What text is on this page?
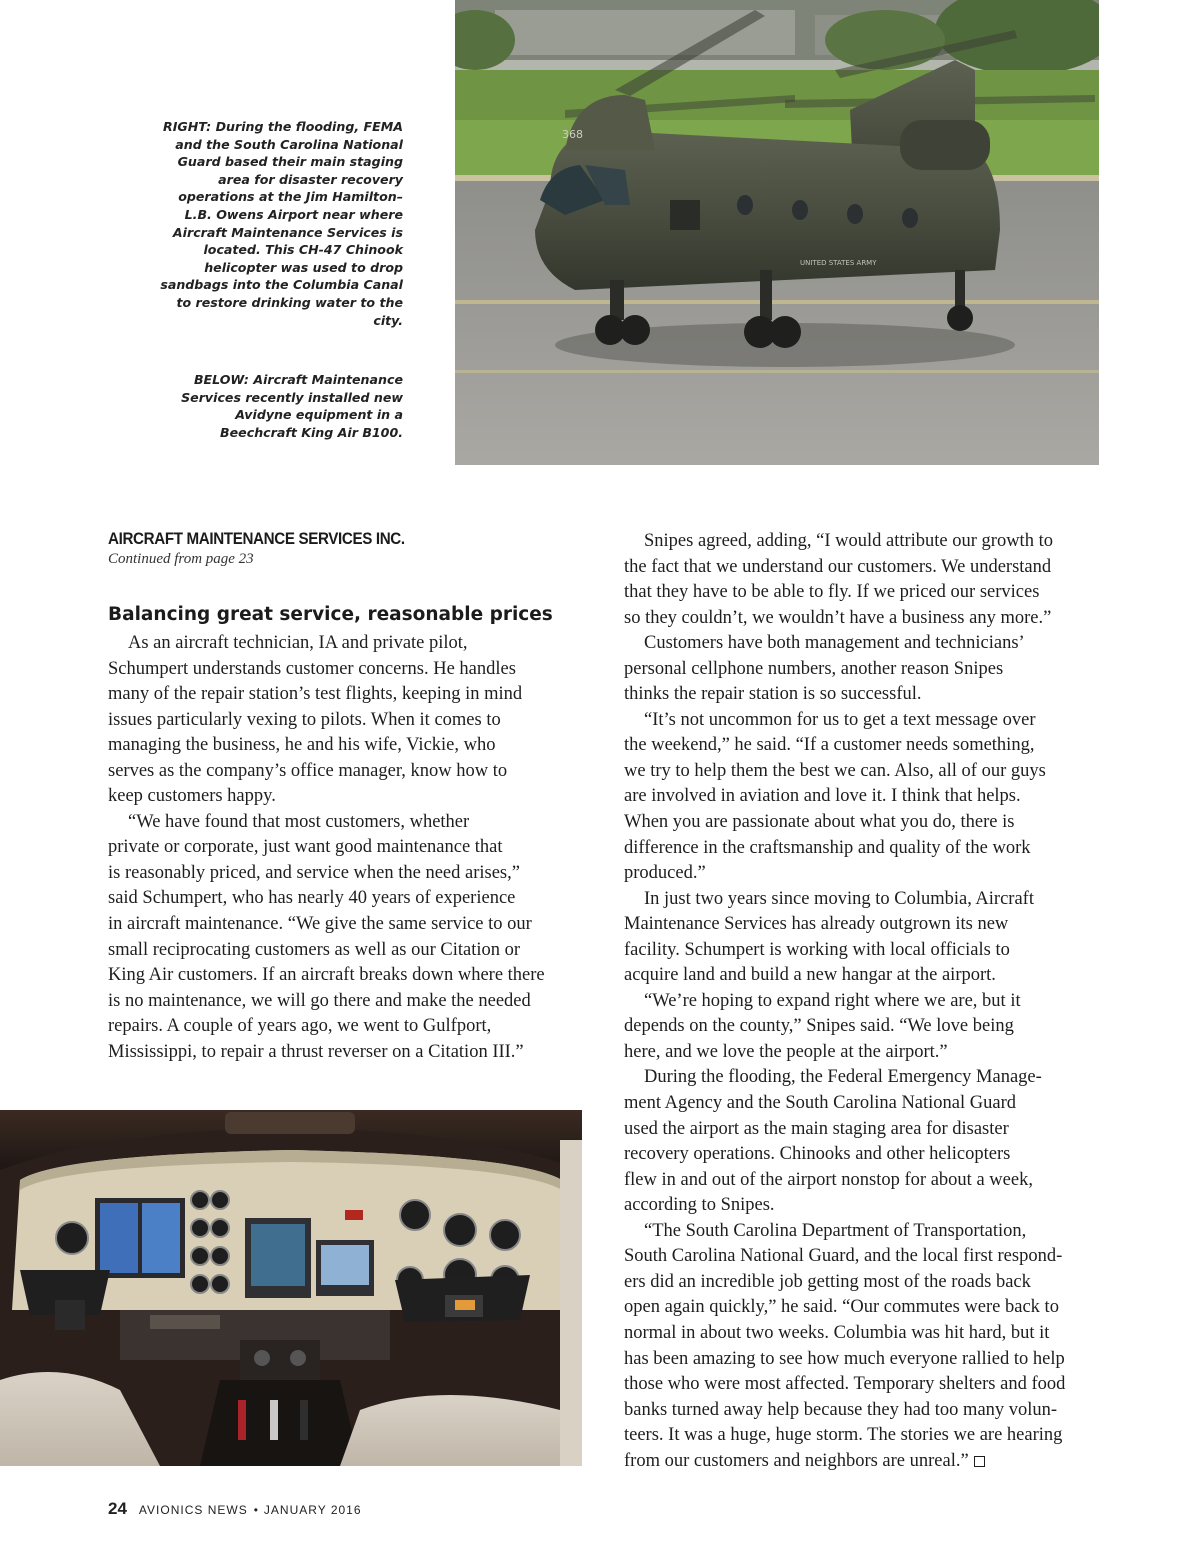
RIGHT: During the flooding, FEMA and the South Carolina National Guard based their main staging area for disaster recovery operations at the Jim Hamilton–L.B. Owens Airport near where Aircraft Maintenance Services is located. This CH-47 Chinook helicopter was used to drop sandbags into the Columbia Canal to restore drinking water to the city.

BELOW: Aircraft Maintenance Services recently installed new Avidyne equipment in a Beechcraft King Air B100.

368
UNITED STATES ARMY
AIRCRAFT MAINTENANCE SERVICES INC.
Continued from page 23
Balancing great service, reasonable prices
As an aircraft technician, IA and private pilot,
Schumpert understands customer concerns. He handles
many of the repair station’s test flights, keeping in mind
issues particularly vexing to pilots. When it comes to
managing the business, he and his wife, Vickie, who
serves as the company’s office manager, know how to
keep customers happy.
“We have found that most customers, whether
private or corporate, just want good maintenance that
is reasonably priced, and service when the need arises,”
said Schumpert, who has nearly 40 years of experience
in aircraft maintenance. “We give the same service to our
small reciprocating customers as well as our Citation or
King Air customers. If an aircraft breaks down where there
is no maintenance, we will go there and make the needed
repairs. A couple of years ago, we went to Gulfport,
Mississippi, to repair a thrust reverser on a Citation III.”
Snipes agreed, adding, “I would attribute our growth to
the fact that we understand our customers. We understand
that they have to be able to fly. If we priced our services
so they couldn’t, we wouldn’t have a business any more.”
Customers have both management and technicians’
personal cellphone numbers, another reason Snipes
thinks the repair station is so successful.
“It’s not uncommon for us to get a text message over
the weekend,” he said. “If a customer needs something,
we try to help them the best we can. Also, all of our guys
are involved in aviation and love it. I think that helps.
When you are passionate about what you do, there is
difference in the craftsmanship and quality of the work
produced.”
In just two years since moving to Columbia, Aircraft
Maintenance Services has already outgrown its new
facility. Schumpert is working with local officials to
acquire land and build a new hangar at the airport.
“We’re hoping to expand right where we are, but it
depends on the county,” Snipes said. “We love being
here, and we love the people at the airport.”
During the flooding, the Federal Emergency Manage-
ment Agency and the South Carolina National Guard
used the airport as the main staging area for disaster
recovery operations. Chinooks and other helicopters
flew in and out of the airport nonstop for about a week,
according to Snipes.
“The South Carolina Department of Transportation,
South Carolina National Guard, and the local first respond-
ers did an incredible job getting most of the roads back
open again quickly,” he said. “Our commutes were back to
normal in about two weeks. Columbia was hit hard, but it
has been amazing to see how much everyone rallied to help
those who were most affected. Temporary shelters and food
banks turned away help because they had too many volun-
teers. It was a huge, huge storm. The stories we are hearing
from our customers and neighbors are unreal.”
24 AVIONICS NEWS • JANUARY 2016
